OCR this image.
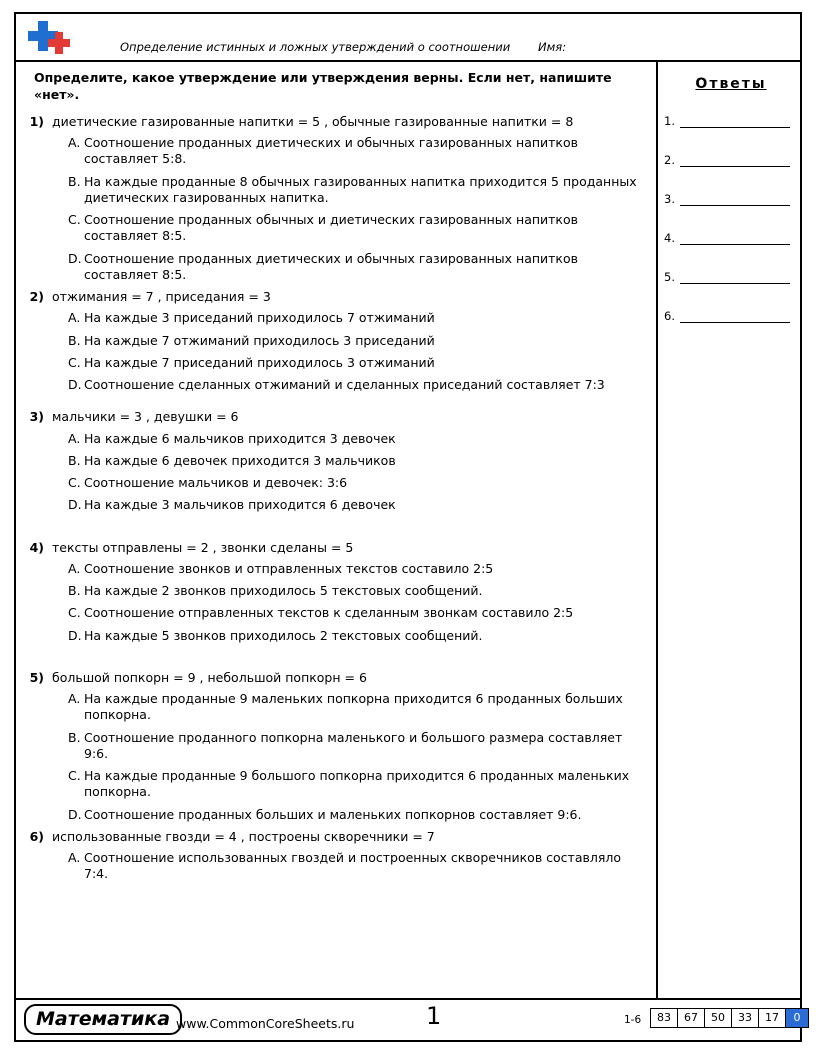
Определение истинных и ложных утверждений о соотношении Имя:
Определите, какое утверждение или утверждения верны. Если нет, напишите «нет».
1) диетические газированные напитки = 5 , обычные газированные напитки = 8
A. Соотношение проданных диетических и обычных газированных напитков составляет 5:8.
B. На каждые проданные 8 обычных газированных напитка приходится 5 проданных диетических газированных напитка.
C. Соотношение проданных обычных и диетических газированных напитков составляет 8:5.
D. Соотношение проданных диетических и обычных газированных напитков составляет 8:5.
2) отжимания = 7 , приседания = 3
A. На каждые 3 приседаний приходилось 7 отжиманий
B. На каждые 7 отжиманий приходилось 3 приседаний
C. На каждые 7 приседаний приходилось 3 отжиманий
D. Соотношение сделанных отжиманий и сделанных приседаний составляет 7:3
3) мальчики = 3 , девушки = 6
A. На каждые 6 мальчиков приходится 3 девочек
B. На каждые 6 девочек приходится 3 мальчиков
C. Соотношение мальчиков и девочек: 3:6
D. На каждые 3 мальчиков приходится 6 девочек
4) тексты отправлены = 2 , звонки сделаны = 5
A. Соотношение звонков и отправленных текстов составило 2:5
B. На каждые 2 звонков приходилось 5 текстовых сообщений.
C. Соотношение отправленных текстов к сделанным звонкам составило 2:5
D. На каждые 5 звонков приходилось 2 текстовых сообщений.
5) большой попкорн = 9 , небольшой попкорн = 6
A. На каждые проданные 9 маленьких попкорна приходится 6 проданных больших попкорна.
B. Соотношение проданного попкорна маленького и большого размера составляет 9:6.
C. На каждые проданные 9 большого попкорна приходится 6 проданных маленьких попкорна.
D. Соотношение проданных больших и маленьких попкорнов составляет 9:6.
6) использованные гвозди = 4 , построены скворечники = 7
A. Соотношение использованных гвоздей и построенных скворечников составляло 7:4.
Ответы
1.
2.
3.
4.
5.
6.
Математика www.CommonCoreSheets.ru	1	1-6	83	67	50	33	17	0
